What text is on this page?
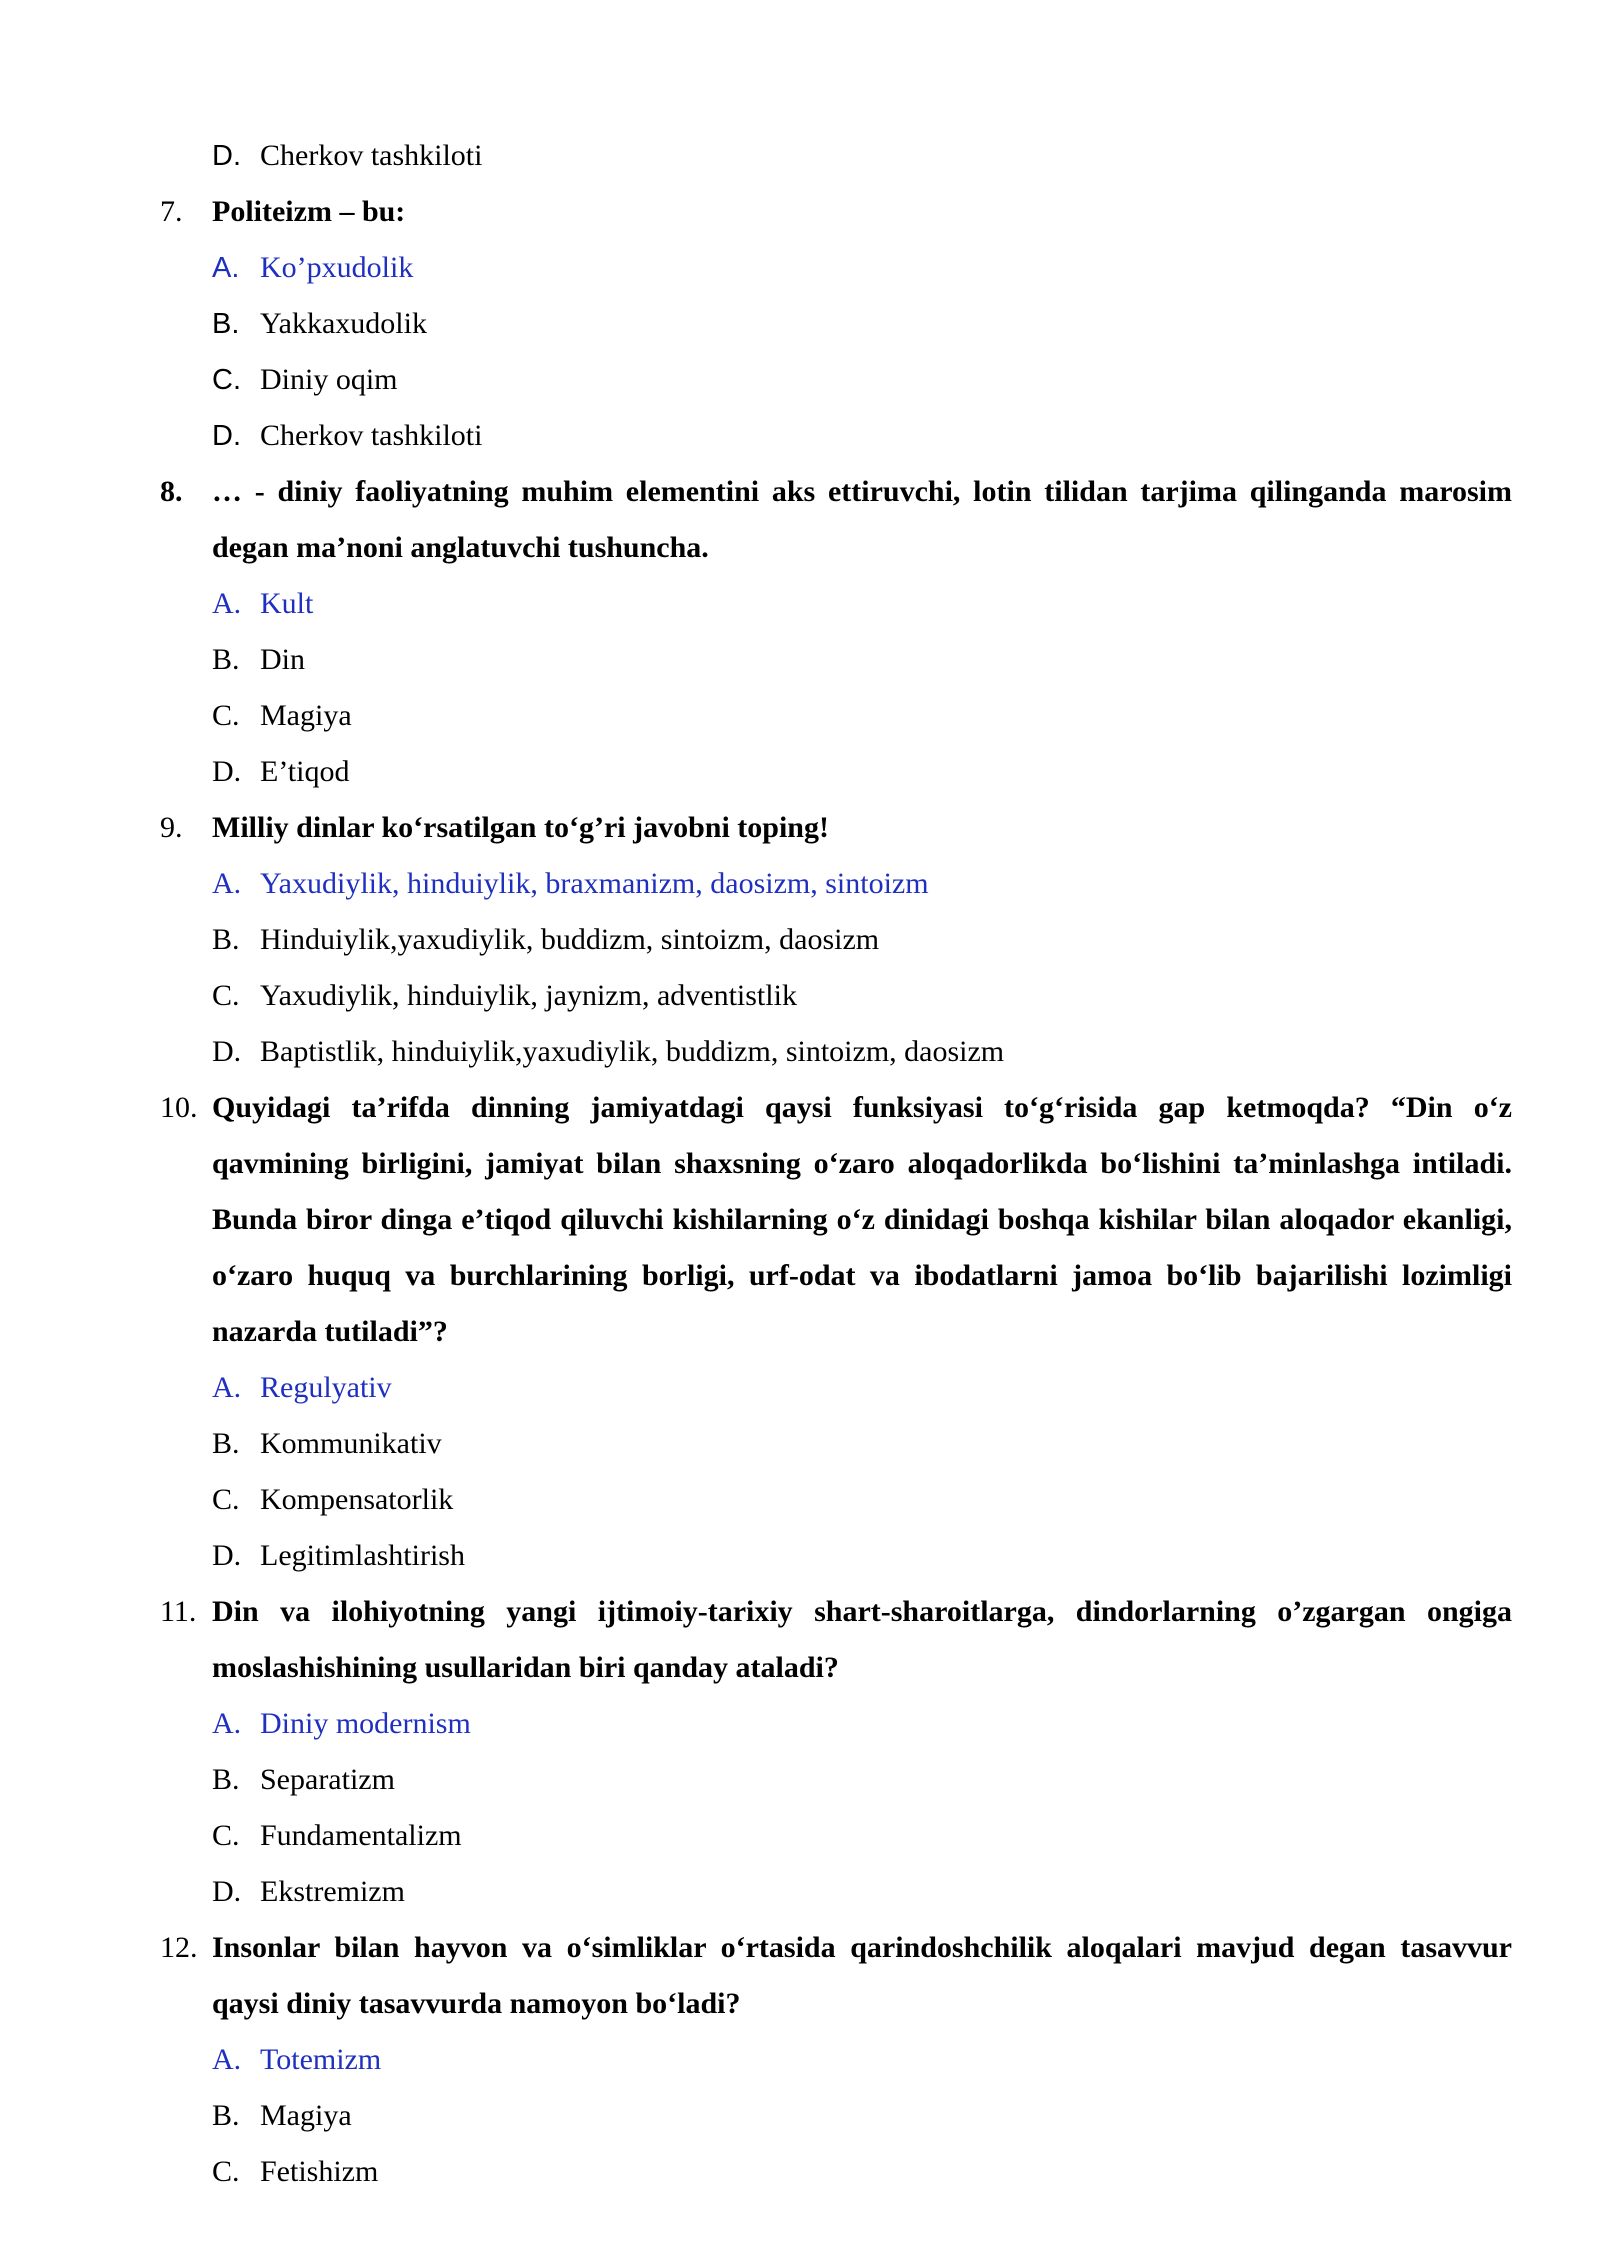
D. Cherkov tashkiloti
7. Politeizm – bu:
A. Ko’pxudolik
B. Yakkaxudolik
C. Diniy oqim
D. Cherkov tashkiloti
8. … - diniy faoliyatning muhim elementini aks ettiruvchi, lotin tilidan tarjima qilinganda marosim degan ma’noni anglatuvchi tushuncha.
A. Kult
B. Din
C. Magiya
D. E’tiqod
9. Milliy dinlar ko‘rsatilgan to‘g’ri javobni toping!
A. Yaxudiylik, hinduiylik, braxmanizm, daosizm, sintoizm
B. Hinduiylik,yaxudiylik, buddizm, sintoizm, daosizm
C. Yaxudiylik, hinduiylik, jaynizm, adventistlik
D. Baptistlik, hinduiylik,yaxudiylik, buddizm, sintoizm, daosizm
10. Quyidagi ta’rifda dinning jamiyatdagi qaysi funksiyasi to‘g‘risida gap ketmoqda? “Din o‘z qavmining birligini, jamiyat bilan shaxsning o‘zaro aloqadorlikda bo‘lishini ta’minlashga intiladi. Bunda biror dinga e’tiqod qiluvchi kishilarning o‘z dinidagi boshqa kishilar bilan aloqador ekanligi, o‘zaro huquq va burchlarining borligi, urf-odat va ibodatlarni jamoa bo‘lib bajarilishi lozimligi nazarda tutiladi”?
A. Regulyativ
B. Kommunikativ
C. Kompensatorlik
D. Legitimlashtirish
11. Din va ilohiyotning yangi ijtimoiy-tarixiy shart-sharoitlarga, dindorlarning o’zgargan ongiga moslashishining usullaridan biri qanday ataladi?
A. Diniy modernism
B. Separatizm
C. Fundamentalizm
D. Ekstremizm
12. Insonlar bilan hayvon va o‘simliklar o‘rtasida qarindoshchilik aloqalari mavjud degan tasavvur qaysi diniy tasavvurda namoyon bo‘ladi?
A. Totemizm
B. Magiya
C. Fetishizm
